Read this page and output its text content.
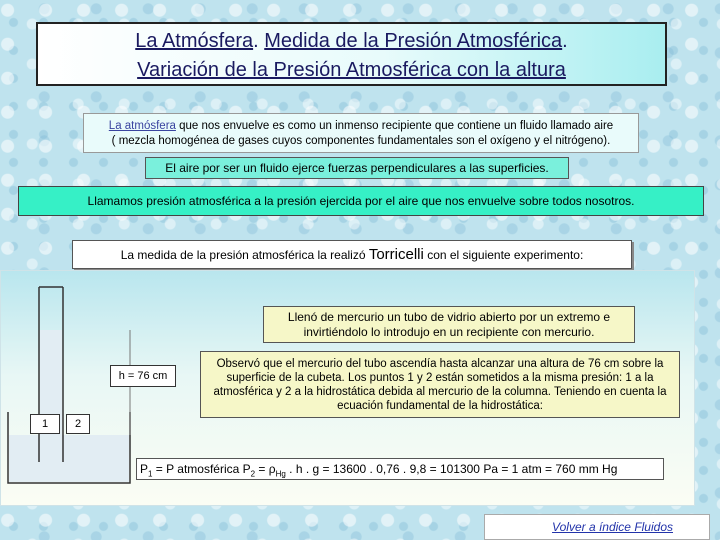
La Atmósfera. Medida de la Presión Atmosférica.
Variación de la Presión Atmosférica con la altura
La atmósfera que nos envuelve es como un inmenso recipiente que contiene un fluido llamado aire
( mezcla homogénea de gases cuyos componentes fundamentales son el oxígeno y el nitrógeno).
El aire por ser un fluido ejerce fuerzas perpendiculares a las superficies.
Llamamos presión atmosférica a la presión ejercida por el aire que nos envuelve sobre todos nosotros.
La medida de la presión atmosférica la realizó Torricelli con el siguiente experimento:
Llenó de mercurio un tubo de vidrio abierto por un extremo e invirtiéndolo lo introdujo en un recipiente con mercurio.
Observó que el mercurio del tubo ascendía hasta alcanzar una altura de 76 cm sobre la superficie de la cubeta. Los puntos 1 y 2 están sometidos a la misma presión: 1 a la atmosférica y 2 a la hidrostática debida al mercurio de la columna. Teniendo en cuenta la ecuación fundamental de la hidrostática:
h = 76 cm
1	2
$P_1 = P$ atmosférica $P_2 = \rho_{Hg}$ . h . g = 13600 . 0,76 . 9,8 = 101300 Pa = 1 atm = 760 mm Hg
Volver a índice Fluidos
